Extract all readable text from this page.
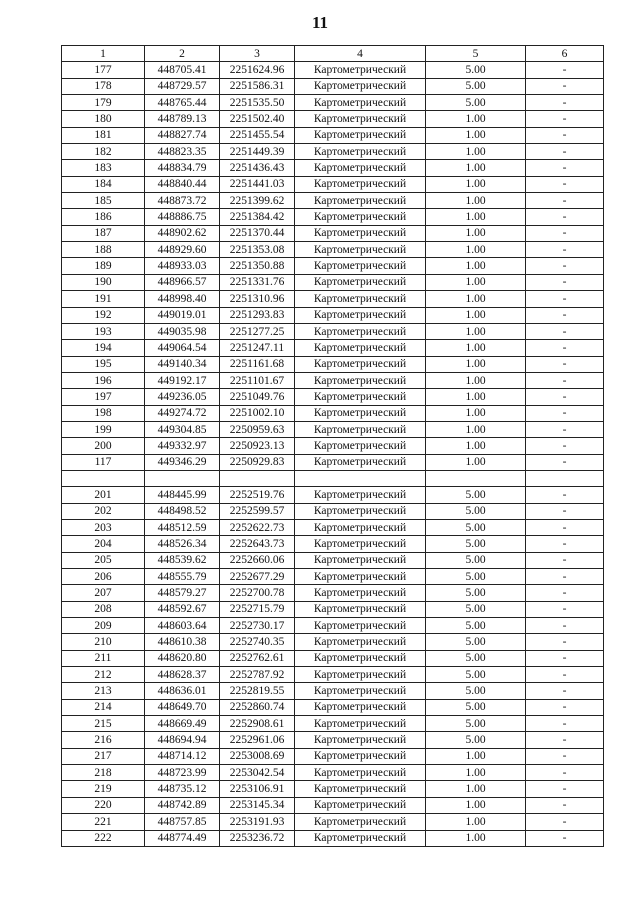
11
1	2	3	4	5	6
177	448705.41	2251624.96	Картометрический	5.00	-
178	448729.57	2251586.31	Картометрический	5.00	-
179	448765.44	2251535.50	Картометрический	5.00	-
180	448789.13	2251502.40	Картометрический	1.00	-
181	448827.74	2251455.54	Картометрический	1.00	-
182	448823.35	2251449.39	Картометрический	1.00	-
183	448834.79	2251436.43	Картометрический	1.00	-
184	448840.44	2251441.03	Картометрический	1.00	-
185	448873.72	2251399.62	Картометрический	1.00	-
186	448886.75	2251384.42	Картометрический	1.00	-
187	448902.62	2251370.44	Картометрический	1.00	-
188	448929.60	2251353.08	Картометрический	1.00	-
189	448933.03	2251350.88	Картометрический	1.00	-
190	448966.57	2251331.76	Картометрический	1.00	-
191	448998.40	2251310.96	Картометрический	1.00	-
192	449019.01	2251293.83	Картометрический	1.00	-
193	449035.98	2251277.25	Картометрический	1.00	-
194	449064.54	2251247.11	Картометрический	1.00	-
195	449140.34	2251161.68	Картометрический	1.00	-
196	449192.17	2251101.67	Картометрический	1.00	-
197	449236.05	2251049.76	Картометрический	1.00	-
198	449274.72	2251002.10	Картометрический	1.00	-
199	449304.85	2250959.63	Картометрический	1.00	-
200	449332.97	2250923.13	Картометрический	1.00	-
117	449346.29	2250929.83	Картометрический	1.00	-

201	448445.99	2252519.76	Картометрический	5.00	-
202	448498.52	2252599.57	Картометрический	5.00	-
203	448512.59	2252622.73	Картометрический	5.00	-
204	448526.34	2252643.73	Картометрический	5.00	-
205	448539.62	2252660.06	Картометрический	5.00	-
206	448555.79	2252677.29	Картометрический	5.00	-
207	448579.27	2252700.78	Картометрический	5.00	-
208	448592.67	2252715.79	Картометрический	5.00	-
209	448603.64	2252730.17	Картометрический	5.00	-
210	448610.38	2252740.35	Картометрический	5.00	-
211	448620.80	2252762.61	Картометрический	5.00	-
212	448628.37	2252787.92	Картометрический	5.00	-
213	448636.01	2252819.55	Картометрический	5.00	-
214	448649.70	2252860.74	Картометрический	5.00	-
215	448669.49	2252908.61	Картометрический	5.00	-
216	448694.94	2252961.06	Картометрический	5.00	-
217	448714.12	2253008.69	Картометрический	1.00	-
218	448723.99	2253042.54	Картометрический	1.00	-
219	448735.12	2253106.91	Картометрический	1.00	-
220	448742.89	2253145.34	Картометрический	1.00	-
221	448757.85	2253191.93	Картометрический	1.00	-
222	448774.49	2253236.72	Картометрический	1.00	-
